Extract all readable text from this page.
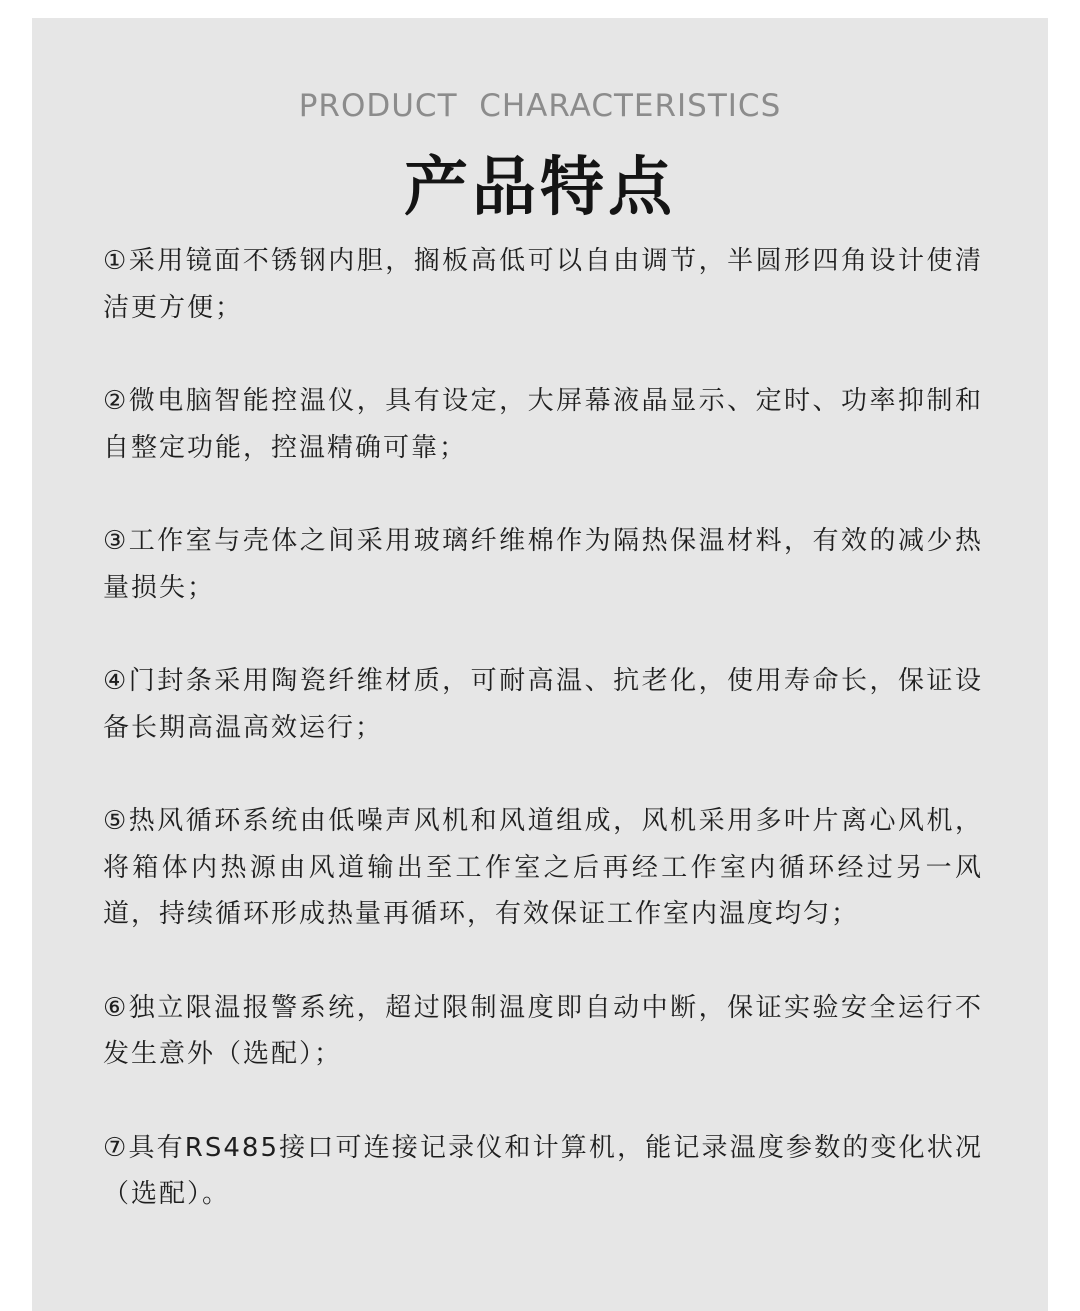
PRODUCT  CHARACTERISTICS
产品特点

①采用镜面不锈钢内胆，搁板高低可以自由调节，半圆形四角设计使清洁更方便；

②微电脑智能控温仪，具有设定，大屏幕液晶显示、定时、功率抑制和自整定功能，控温精确可靠；

③工作室与壳体之间采用玻璃纤维棉作为隔热保温材料，有效的减少热量损失；

④门封条采用陶瓷纤维材质，可耐高温、抗老化，使用寿命长，保证设备长期高温高效运行；

⑤热风循环系统由低噪声风机和风道组成，风机采用多叶片离心风机，将箱体内热源由风道输出至工作室之后再经工作室内循环经过另一风道，持续循环形成热量再循环，有效保证工作室内温度均匀；

⑥独立限温报警系统，超过限制温度即自动中断，保证实验安全运行不发生意外（选配）；

⑦具有RS485接口可连接记录仪和计算机，能记录温度参数的变化状况（选配）。
